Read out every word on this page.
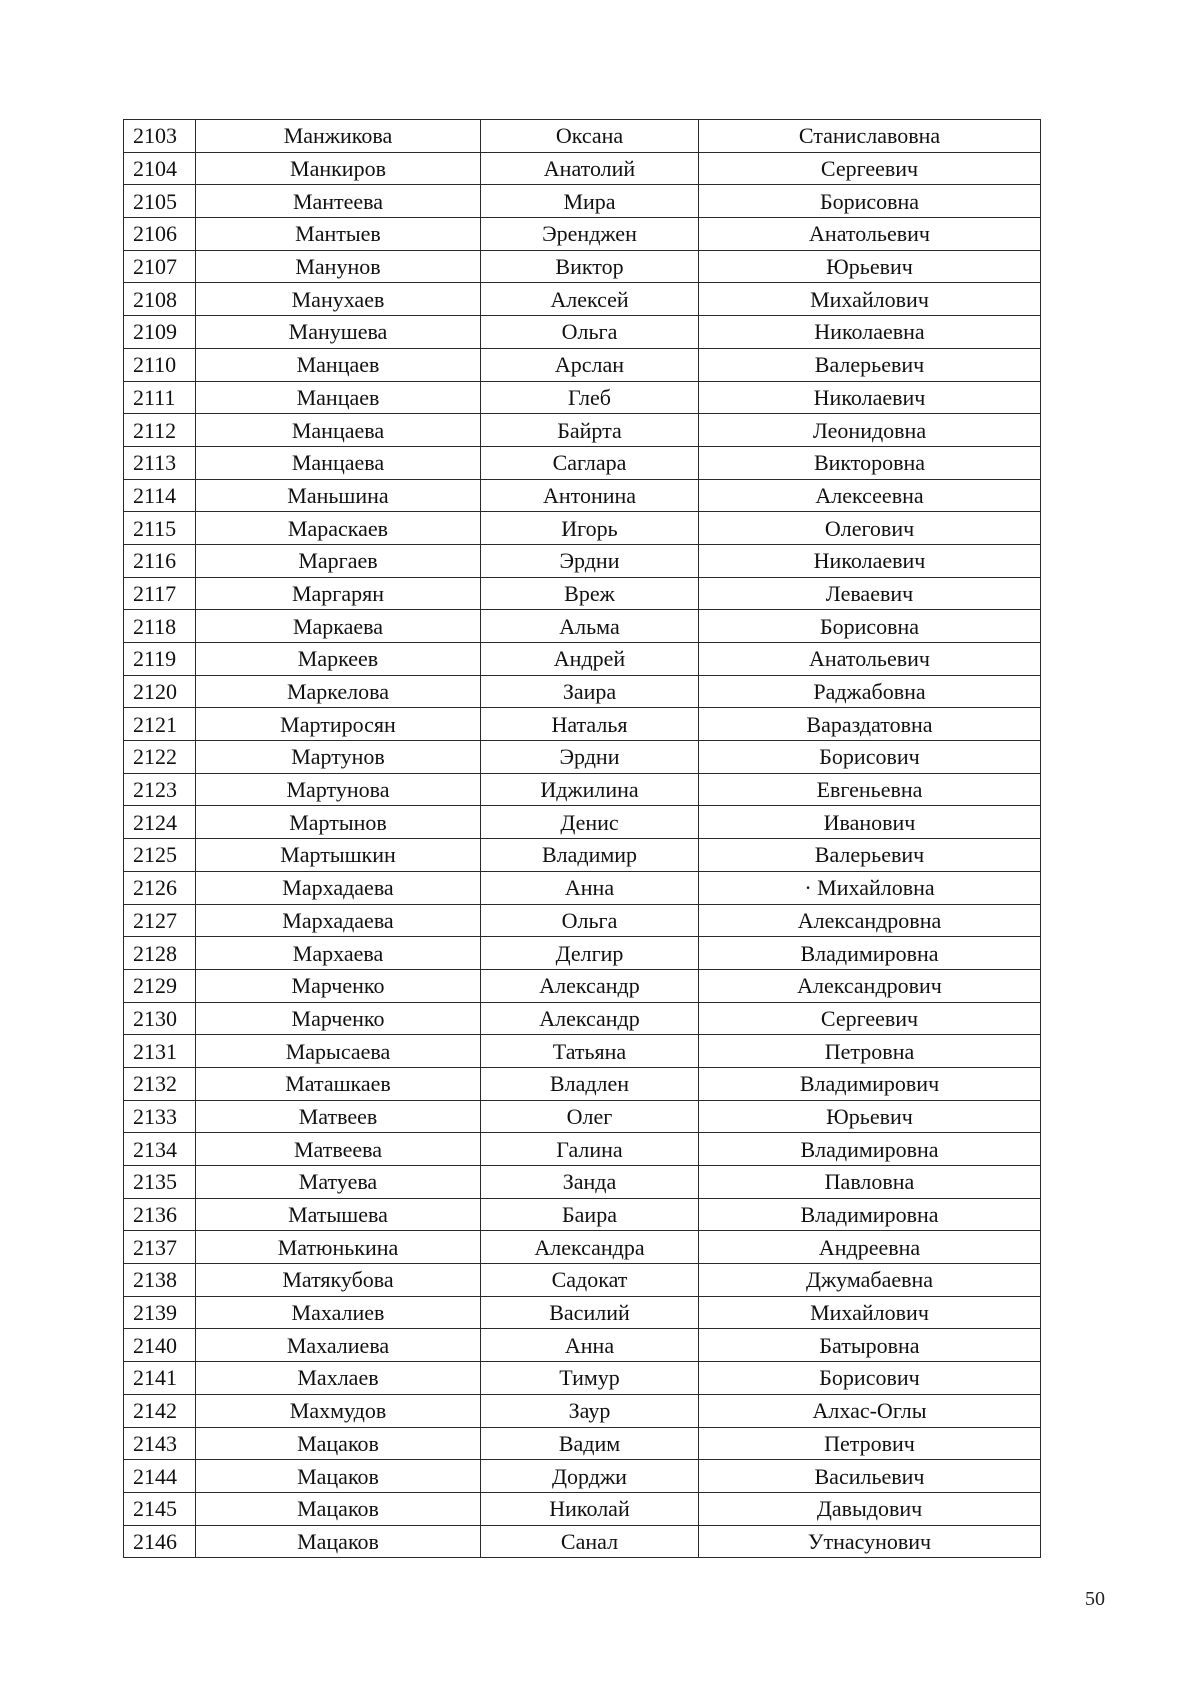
2103	Манжикова	Оксана	Станиславовна
2104	Манкиров	Анатолий	Сергеевич
2105	Мантеева	Мира	Борисовна
2106	Мантыев	Эренджен	Анатольевич
2107	Манунов	Виктор	Юрьевич
2108	Манухаев	Алексей	Михайлович
2109	Манушева	Ольга	Николаевна
2110	Манцаев	Арслан	Валерьевич
2111	Манцаев	Глеб	Николаевич
2112	Манцаева	Байрта	Леонидовна
2113	Манцаева	Саглара	Викторовна
2114	Маньшина	Антонина	Алексеевна
2115	Мараскаев	Игорь	Олегович
2116	Маргаев	Эрдни	Николаевич
2117	Маргарян	Вреж	Леваевич
2118	Маркаева	Альма	Борисовна
2119	Маркеев	Андрей	Анатольевич
2120	Маркелова	Заира	Раджабовна
2121	Мартиросян	Наталья	Вараздатовна
2122	Мартунов	Эрдни	Борисович
2123	Мартунова	Иджилина	Евгеньевна
2124	Мартынов	Денис	Иванович
2125	Мартышкин	Владимир	Валерьевич
2126	Мархадаева	Анна	· Михайловна
2127	Мархадаева	Ольга	Александровна
2128	Мархаева	Делгир	Владимировна
2129	Марченко	Александр	Александрович
2130	Марченко	Александр	Сергеевич
2131	Марысаева	Татьяна	Петровна
2132	Маташкаев	Владлен	Владимирович
2133	Матвеев	Олег	Юрьевич
2134	Матвеева	Галина	Владимировна
2135	Матуева	Занда	Павловна
2136	Матышева	Баира	Владимировна
2137	Матюнькина	Александра	Андреевна
2138	Матякубова	Садокат	Джумабаевна
2139	Махалиев	Василий	Михайлович
2140	Махалиева	Анна	Батыровна
2141	Махлаев	Тимур	Борисович
2142	Махмудов	Заур	Алхас-Оглы
2143	Мацаков	Вадим	Петрович
2144	Мацаков	Дорджи	Васильевич
2145	Мацаков	Николай	Давыдович
2146	Мацаков	Санал	Утнасунович
50
